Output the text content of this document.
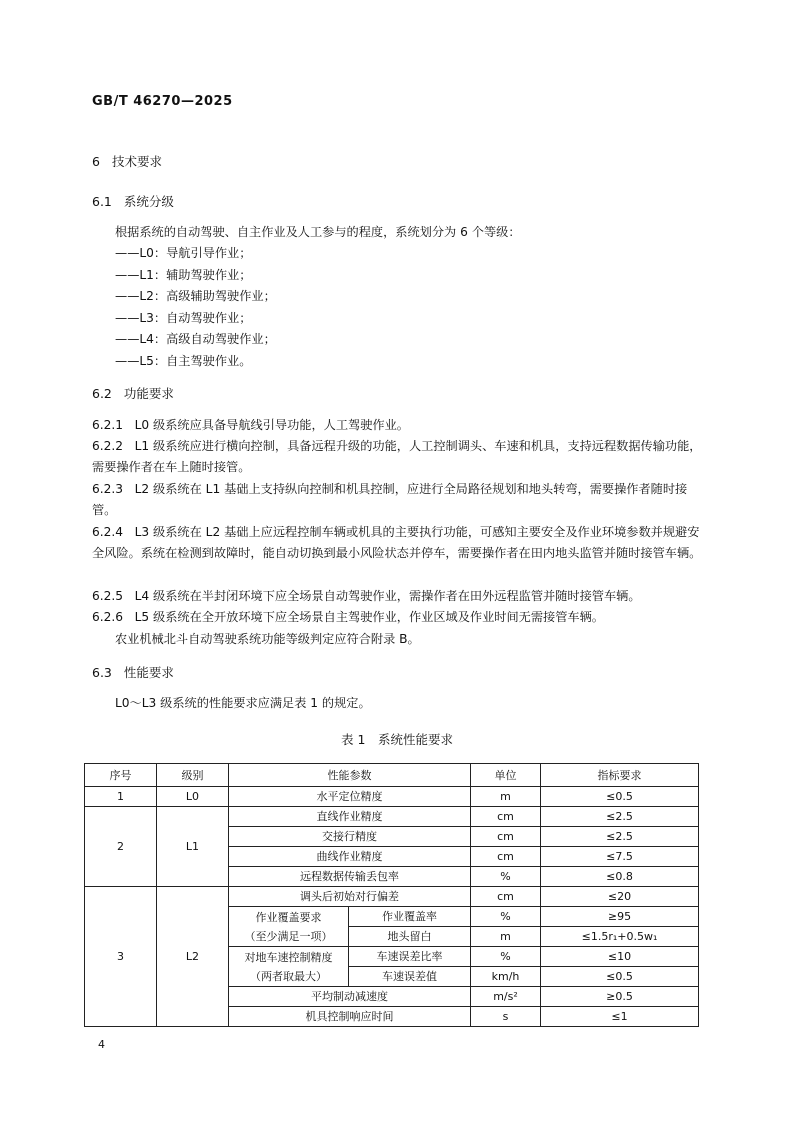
GB/T 46270—2025
6 技术要求
6.1 系统分级
根据系统的自动驾驶、自主作业及人工参与的程度，系统划分为 6 个等级：
——L0：导航引导作业；
——L1：辅助驾驶作业；
——L2：高级辅助驾驶作业；
——L3：自动驾驶作业；
——L4：高级自动驾驶作业；
——L5：自主驾驶作业。
6.2 功能要求
6.2.1 L0 级系统应具备导航线引导功能，人工驾驶作业。
6.2.2 L1 级系统应进行横向控制，具备远程升级的功能，人工控制调头、车速和机具，支持远程数据传输功能，需要操作者在车上随时接管。
6.2.3 L2 级系统在 L1 基础上支持纵向控制和机具控制，应进行全局路径规划和地头转弯，需要操作者随时接管。
6.2.4 L3 级系统在 L2 基础上应远程控制车辆或机具的主要执行功能，可感知主要安全及作业环境参数并规避安全风险。系统在检测到故障时，能自动切换到最小风险状态并停车，需要操作者在田内地头监管并随时接管车辆。
6.2.5 L4 级系统在半封闭环境下应全场景自动驾驶作业，需操作者在田外远程监管并随时接管车辆。
6.2.6 L5 级系统在全开放环境下应全场景自主驾驶作业，作业区域及作业时间无需接管车辆。
农业机械北斗自动驾驶系统功能等级判定应符合附录 B。
6.3 性能要求
L0～L3 级系统的性能要求应满足表 1 的规定。
表 1　系统性能要求
序号	级别	性能参数		单位	指标要求
1	L0	水平定位精度		m	≤0.5
2	L1	直线作业精度		cm	≤2.5
		交接行精度		cm	≤2.5
		曲线作业精度		cm	≤7.5
		远程数据传输丢包率		%	≤0.8
3	L2	调头后初始对行偏差		cm	≤20

		作业覆盖要求
（至少满足一项）	作业覆盖率	%	≥95
			地头留白	m	≤1.5r₁+0.5w₁

		对地车速控制精度
（两者取最大）	车速误差比率	%	≤10
			车速误差值	km/h	≤0.5
		平均制动减速度		m/s²	≥0.5
		机具控制响应时间		s	≤1
4
